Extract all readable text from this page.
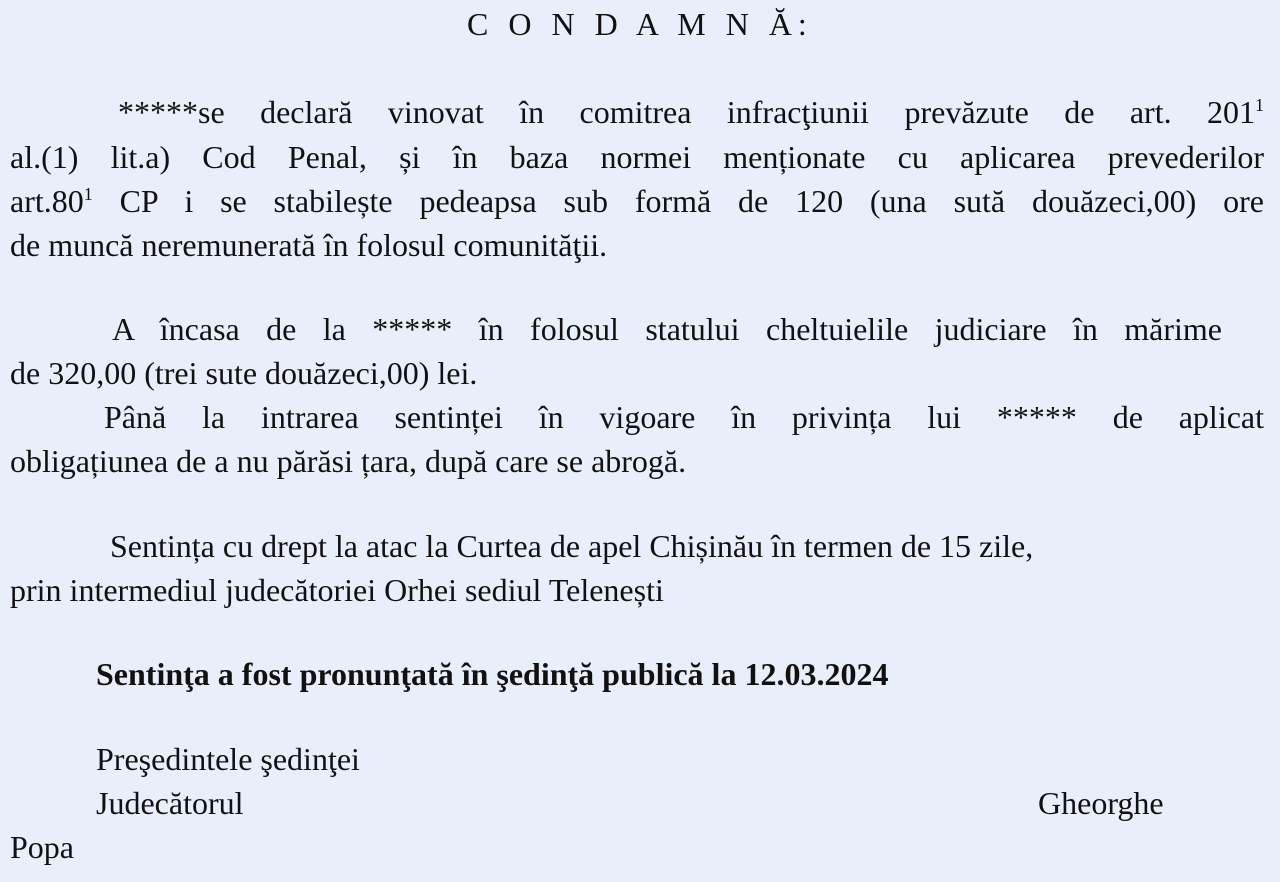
C O N D A M N Ă:
*****se declară vinovat în comitrea infracţiunii prevăzute de art. $201^1$
al.(1) lit.a) Cod Penal, și în baza normei menționate cu aplicarea prevederilor
$art.80^1$ CP i se stabilește pedeapsa sub formă de 120 (una sută douăzeci,00) ore
de muncă neremunerată în folosul comunităţii.
A încasa de la ***** în folosul statului cheltuielile judiciare în mărime
de 320,00 (trei sute douăzeci,00) lei.
Până la intrarea sentinței în vigoare în privința lui ***** de aplicat
obligațiunea de a nu părăsi țara, după care se abrogă.
Sentința cu drept la atac la Curtea de apel Chișinău în termen de 15 zile,
prin intermediul judecătoriei Orhei sediul Telenești
Sentinţa a fost pronunţată în şedinţă publică la 12.03.2024
Preşedintele şedinţei
Judecătorul	Gheorghe
Popa
